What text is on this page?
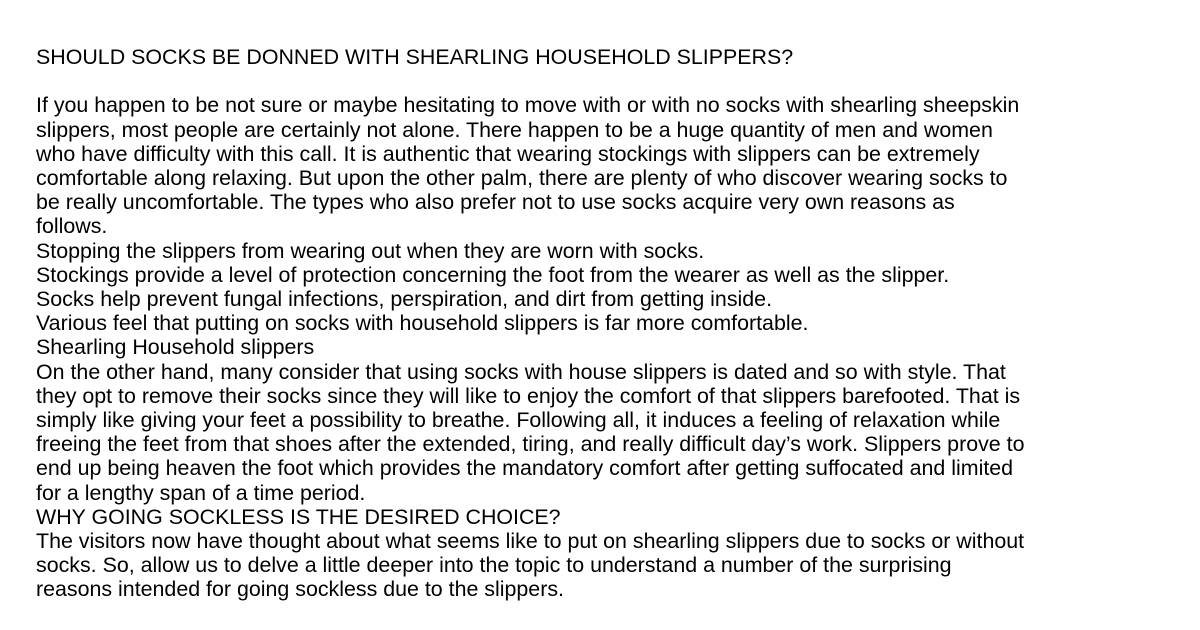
SHOULD SOCKS BE DONNED WITH SHEARLING HOUSEHOLD SLIPPERS?

If you happen to be not sure or maybe hesitating to move with or with no socks with shearling sheepskin
slippers, most people are certainly not alone. There happen to be a huge quantity of men and women
who have difficulty with this call. It is authentic that wearing stockings with slippers can be extremely
comfortable along relaxing. But upon the other palm, there are plenty of who discover wearing socks to
be really uncomfortable. The types who also prefer not to use socks acquire very own reasons as
follows.

Stopping the slippers from wearing out when they are worn with socks.

Stockings provide a level of protection concerning the foot from the wearer as well as the slipper.

Socks help prevent fungal infections, perspiration, and dirt from getting inside.

Various feel that putting on socks with household slippers is far more comfortable.

Shearling Household slippers

On the other hand, many consider that using socks with house slippers is dated and so with style. That
they opt to remove their socks since they will like to enjoy the comfort of that slippers barefooted. That is
simply like giving your feet a possibility to breathe. Following all, it induces a feeling of relaxation while
freeing the feet from that shoes after the extended, tiring, and really difficult day’s work. Slippers prove to
end up being heaven the foot which provides the mandatory comfort after getting suffocated and limited
for a lengthy span of a time period.

WHY GOING SOCKLESS IS THE DESIRED CHOICE?

The visitors now have thought about what seems like to put on shearling slippers due to socks or without
socks. So, allow us to delve a little deeper into the topic to understand a number of the surprising
reasons intended for going sockless due to the slippers.
